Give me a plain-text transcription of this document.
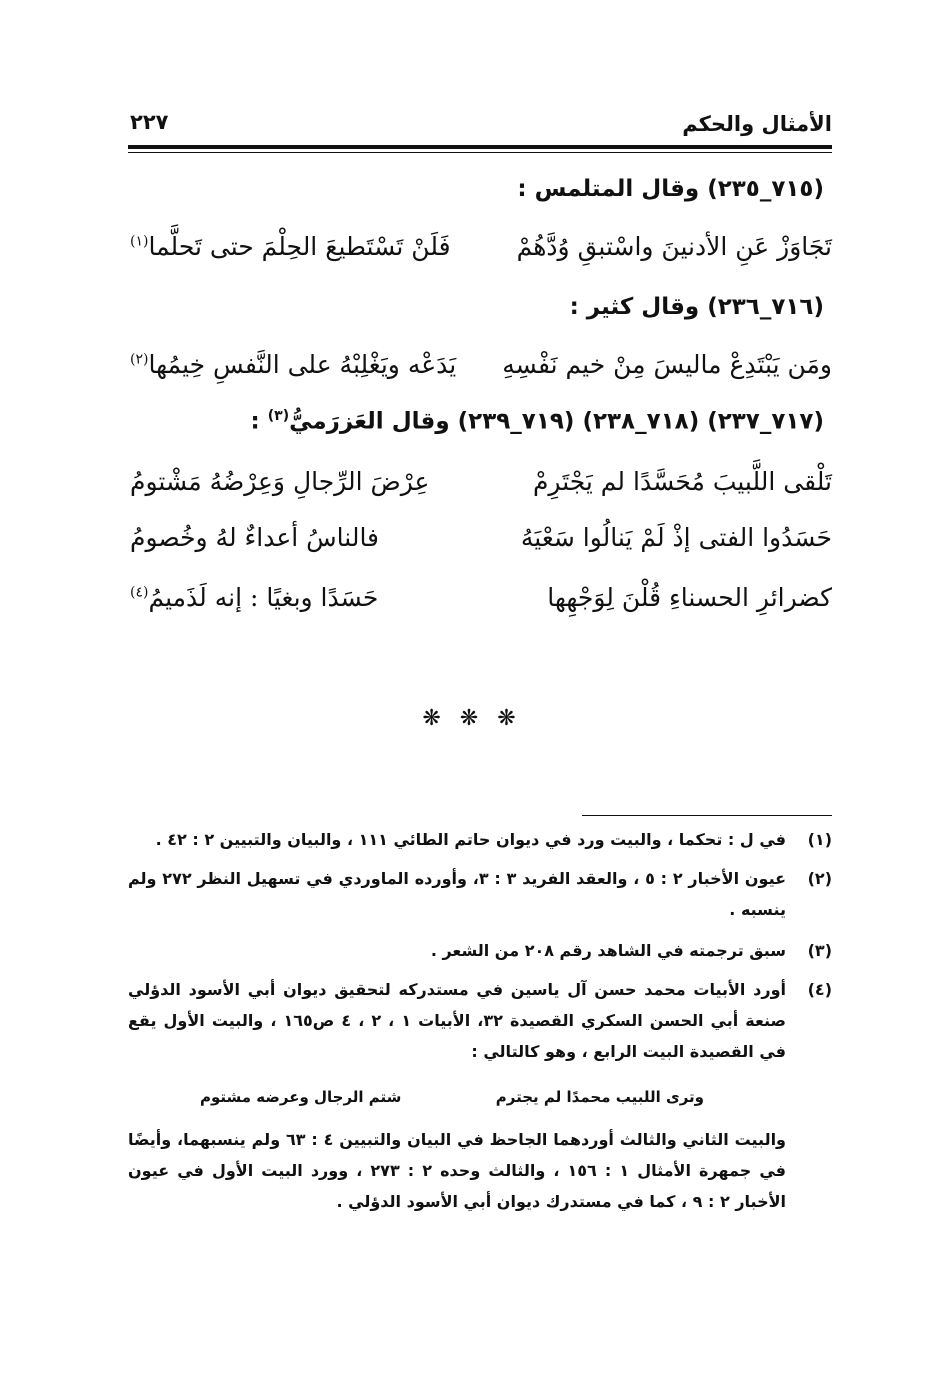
الأمثال والحكم
٢٢٧
(٧١٥_٢٣٥) وقال المتلمس :
تَجَاوَزْ عَنِ الأدنينَ واسْتبقِ وُدَّهُمْ
فَلَنْ تَسْتَطيعَ الحِلْمَ حتى تَحلَّما$^{(١)}$
(٧١٦_٢٣٦) وقال كثير :
ومَن يَبْتَدِعْ ماليسَ مِنْ خيم نَفْسِهِ
يَدَعْه ويَغْلِبْهُ على النَّفسِ خِيمُها$^{(٢)}$
(٧١٧_٢٣٧) (٧١٨_٢٣٨) (٧١٩_٢٣٩) وقال العَزرَميُّ$^{(٣)}$ :
تَلْقى اللَّبيبَ مُحَسَّدًا لم يَجْتَرِمْ
عِرْضَ الرِّجالِ وَعِرْضُهُ مَشْتومُ
حَسَدُوا الفتى إذْ لَمْ يَنالُوا سَعْيَهُ
فالناسُ أعداءٌ لهُ وخُصومُ
كضرائرِ الحسناءِ قُلْنَ لِوَجْهِها
حَسَدًا وبغيًا : إنه لَذَميمُ$^{(٤)}$
❋ ❋ ❋
(١)
في ل : تحكما ، والبيت ورد في ديوان حاتم الطائي ١١١ ، والبيان والتبيين ٢ : ٤٢ .
(٢)
عيون الأخبار ٢ : ٥ ، والعقد الفريد ٣ : ٣، وأورده الماوردي في تسهيل النظر ٢٧٢ ولم ينسبه .
(٣)
سبق ترجمته في الشاهد رقم ٢٠٨ من الشعر .
(٤)
أورد الأبيات محمد حسن آل ياسين في مستدركه لتحقيق ديوان أبي الأسود الدؤلي صنعة أبي الحسن السكري القصيدة ٣٢، الأبيات ١ ، ٢ ، ٤ ص١٦٥ ، والبيت الأول يقع في القصيدة البيت الرابع ، وهو كالتالي :
وترى اللبيب محمدًا لم يجترم
شتم الرجال وعرضه مشتوم
والبيت الثاني والثالث أوردهما الجاحظ في البيان والتبيين ٤ : ٦٣ ولم ينسبهما، وأيضًا في جمهرة الأمثال ١ : ١٥٦ ، والثالث وحده ٢ : ٢٧٣ ، وورد البيت الأول في عيون الأخبار ٢ : ٩ ، كما في مستدرك ديوان أبي الأسود الدؤلي .
